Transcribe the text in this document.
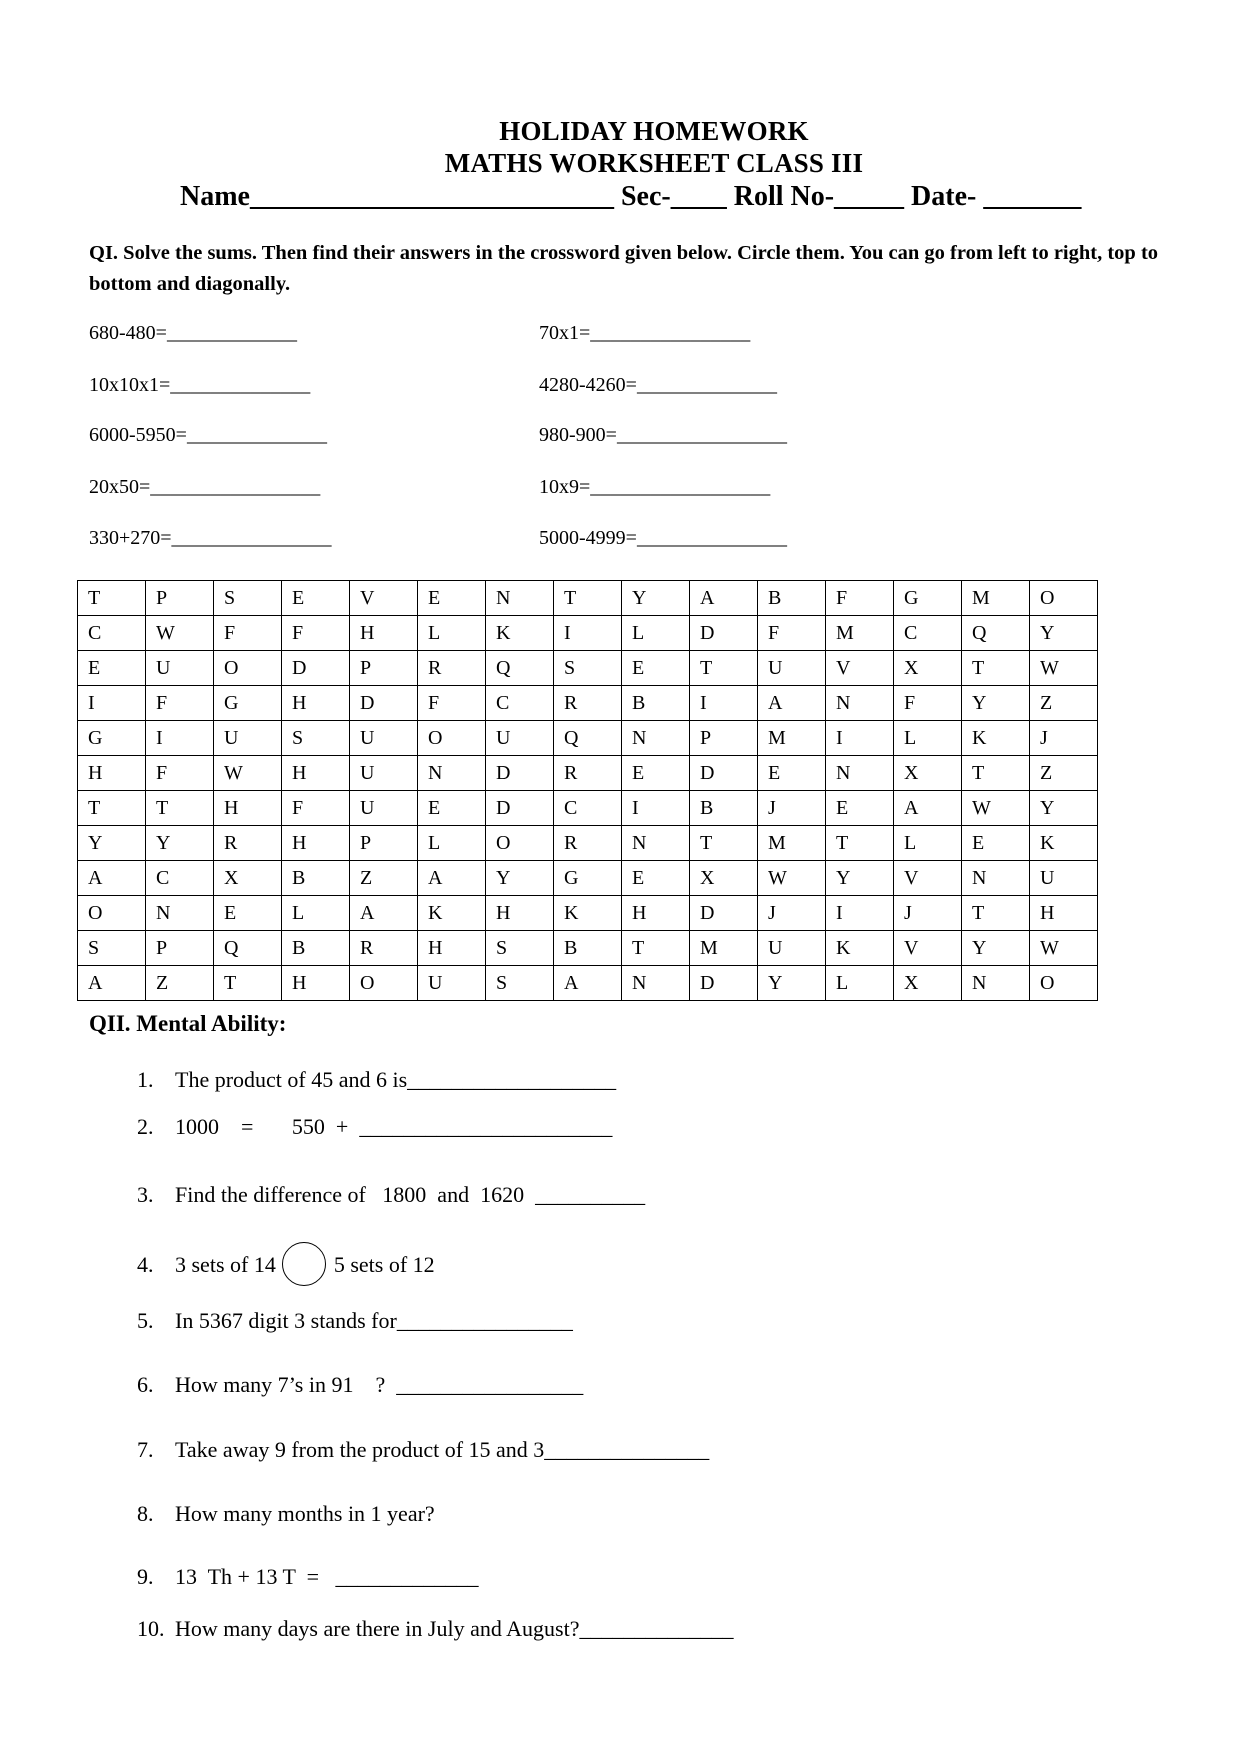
HOLIDAY HOMEWORK
MATHS WORKSHEET CLASS III
Name__________________________ Sec-____ Roll No-_____ Date- _______
QI. Solve the sums. Then find their answers in the crossword given below. Circle them. You can go from left to right, top to bottom and diagonally.
680-480=_____________
10x10x1=______________
6000-5950=______________
20x50=_________________
330+270=________________
70x1=________________
4280-4260=______________
980-900=_________________
10x9=__________________
5000-4999=_______________
T	P	S	E	V	E	N	T	Y	A	B	F	G	M	O
C	W	F	F	H	L	K	I	L	D	F	M	C	Q	Y
E	U	O	D	P	R	Q	S	E	T	U	V	X	T	W
I	F	G	H	D	F	C	R	B	I	A	N	F	Y	Z
G	I	U	S	U	O	U	Q	N	P	M	I	L	K	J
H	F	W	H	U	N	D	R	E	D	E	N	X	T	Z
T	T	H	F	U	E	D	C	I	B	J	E	A	W	Y
Y	Y	R	H	P	L	O	R	N	T	M	T	L	E	K
A	C	X	B	Z	A	Y	G	E	X	W	Y	V	N	U
O	N	E	L	A	K	H	K	H	D	J	I	J	T	H
S	P	Q	B	R	H	S	B	T	M	U	K	V	Y	W
A	Z	T	H	O	U	S	A	N	D	Y	L	X	N	O
QII. Mental Ability:

1. The product of 45 and 6 is___________________

2. 1000    =       550  +  _______________________

3. Find the difference of   1800  and  1620  __________

4. 3 sets of 14	5 sets of 12

5. In 5367 digit 3 stands for________________

6. How many 7’s in 91    ?  _________________

7. Take away 9 from the product of 15 and 3_______________

8. How many months in 1 year?

9. 13  Th + 13 T  =   _____________

10. How many days are there in July and August?______________
